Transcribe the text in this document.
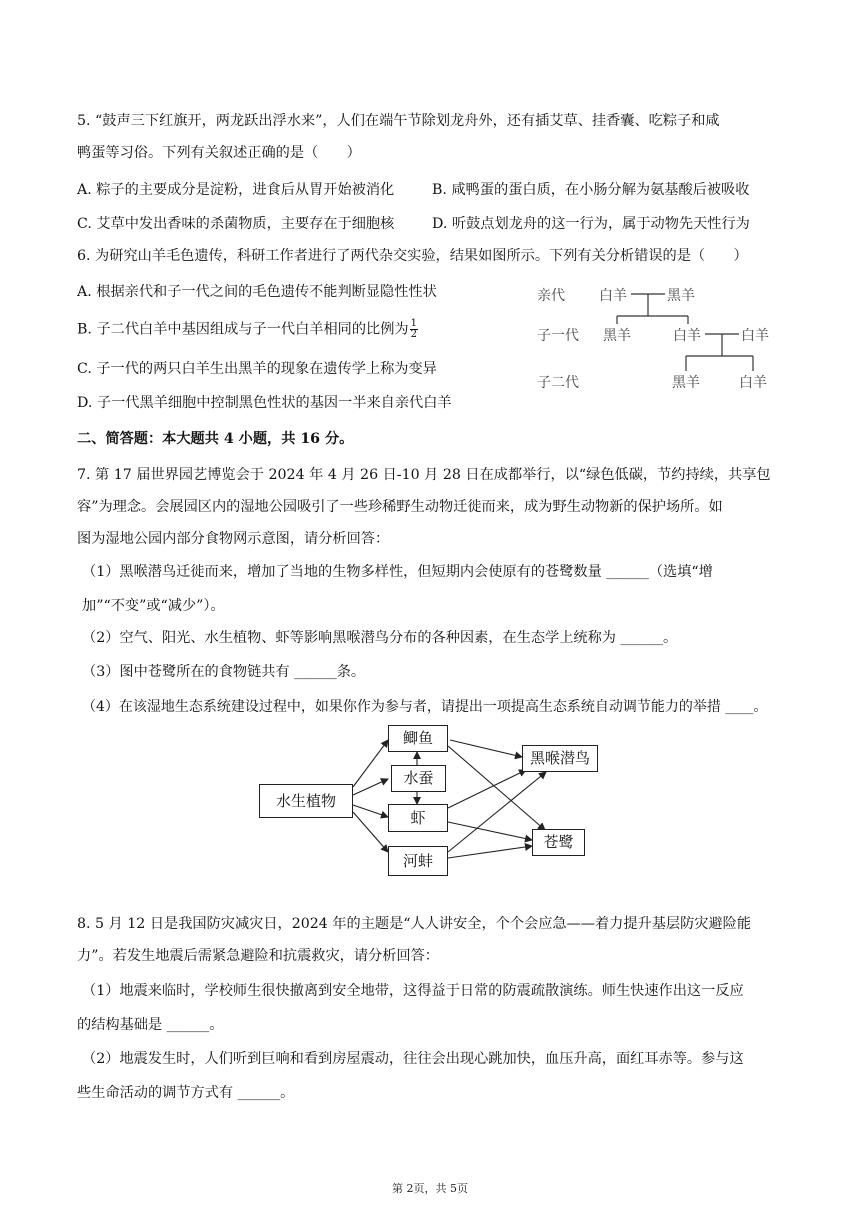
5. “鼓声三下红旗开，两龙跃出浮水来”，人们在端午节除划龙舟外，还有插艾草、挂香囊、吃粽子和咸
鸭蛋等习俗。下列有关叙述正确的是（　　）
A. 粽子的主要成分是淀粉，进食后从胃开始被消化	B. 咸鸭蛋的蛋白质，在小肠分解为氨基酸后被吸收
C. 艾草中发出香味的杀菌物质，主要存在于细胞核	D. 听鼓点划龙舟的这一行为，属于动物先天性行为
6. 为研究山羊毛色遗传，科研工作者进行了两代杂交实验，结果如图所示。下列有关分析错误的是（　　）
A. 根据亲代和子一代之间的毛色遗传不能判断显隐性性状
B. 子二代白羊中基因组成与子一代白羊相同的比例为 $\frac{1}{2}$
C. 子一代的两只白羊生出黑羊的现象在遗传学上称为变异
D. 子一代黑羊细胞中控制黑色性状的基因一半来自亲代白羊
亲代
子一代
子二代
白羊	黑羊
黑羊	白羊	白羊
黑羊	白羊
二、简答题：本大题共 4 小题，共 16 分。
7. 第 17 届世界园艺博览会于 2024 年 4 月 26 日-10 月 28 日在成都举行，以“绿色低碳，节约持续，共享包
容”为理念。会展园区内的湿地公园吸引了一些珍稀野生动物迁徙而来，成为野生动物新的保护场所。如
图为湿地公园内部分食物网示意图，请分析回答：
（1）黑喉潜鸟迁徙而来，增加了当地的生物多样性，但短期内会使原有的苍鹭数量 ______（选填“增
加”“不变”或“减少”）。
（2）空气、阳光、水生植物、虾等影响黑喉潜鸟分布的各种因素，在生态学上统称为 ______。
（3）图中苍鹭所在的食物链共有 ______条。
（4）在该湿地生态系统建设过程中，如果你作为参与者，请提出一项提高生态系统自动调节能力的举措 ____。
水生植物
鲫鱼
水蚕
虾
河蚌
黑喉潜鸟
苍鹭
8. 5 月 12 日是我国防灾减灾日，2024 年的主题是“人人讲安全，个个会应急——着力提升基层防灾避险能
力”。若发生地震后需紧急避险和抗震救灾，请分析回答：
（1）地震来临时，学校师生很快撤离到安全地带，这得益于日常的防震疏散演练。师生快速作出这一反应
的结构基础是 ______。
（2）地震发生时，人们听到巨响和看到房屋震动，往往会出现心跳加快，血压升高，面红耳赤等。参与这
些生命活动的调节方式有 ______。
第 2页，共 5页
